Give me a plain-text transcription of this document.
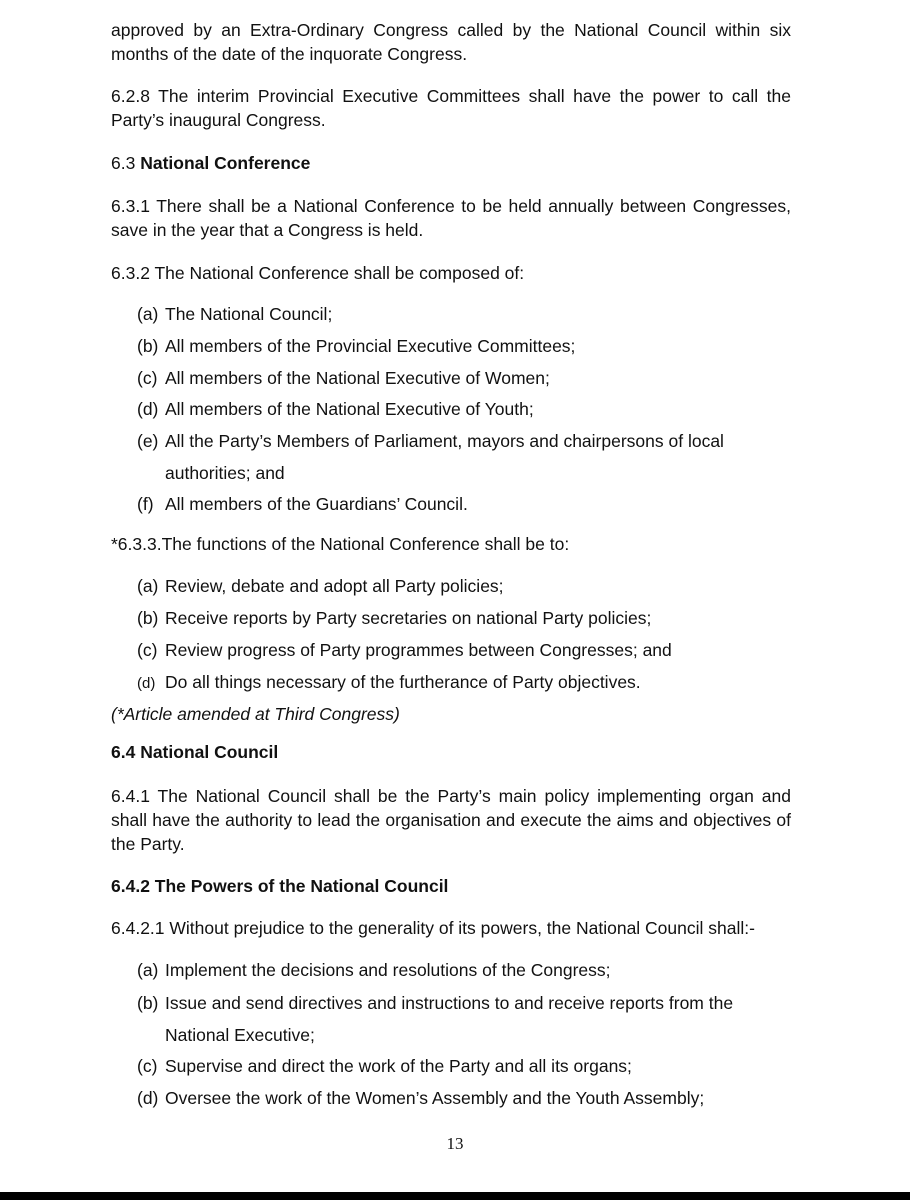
approved by an Extra-Ordinary Congress called by the National Council within six months of the date of the inquorate Congress.

6.2.8 The interim Provincial Executive Committees shall have the power to call the Party’s inaugural Congress.

6.3 National Conference

6.3.1 There shall be a National Conference to be held annually between Congresses, save in the year that a Congress is held.

6.3.2 The National Conference shall be composed of:

(a) The National Council;

(b) All members of the Provincial Executive Committees;

(c) All members of the National Executive of Women;

(d) All members of the National Executive of Youth;

(e) All the Party’s Members of Parliament, mayors and chairpersons of local
authorities; and

(f) All members of the Guardians’ Council.

*6.3.3.The functions of the National Conference shall be to:

(a) Review, debate and adopt all Party policies;

(b) Receive reports by Party secretaries on national Party policies;

(c) Review progress of Party programmes between Congresses; and

(d) Do all things necessary of the furtherance of Party objectives.

(*Article amended at Third Congress)

6.4 National Council

6.4.1 The National Council shall be the Party’s main policy implementing organ and shall have the authority to lead the organisation and execute the aims and objectives of the Party.

6.4.2 The Powers of the National Council

6.4.2.1 Without prejudice to the generality of its powers, the National Council shall:-

(a) Implement the decisions and resolutions of the Congress;

(b) Issue and send directives and instructions to and receive reports from the
National Executive;

(c) Supervise and direct the work of the Party and all its organs;

(d) Oversee the work of the Women’s Assembly and the Youth Assembly;

13
